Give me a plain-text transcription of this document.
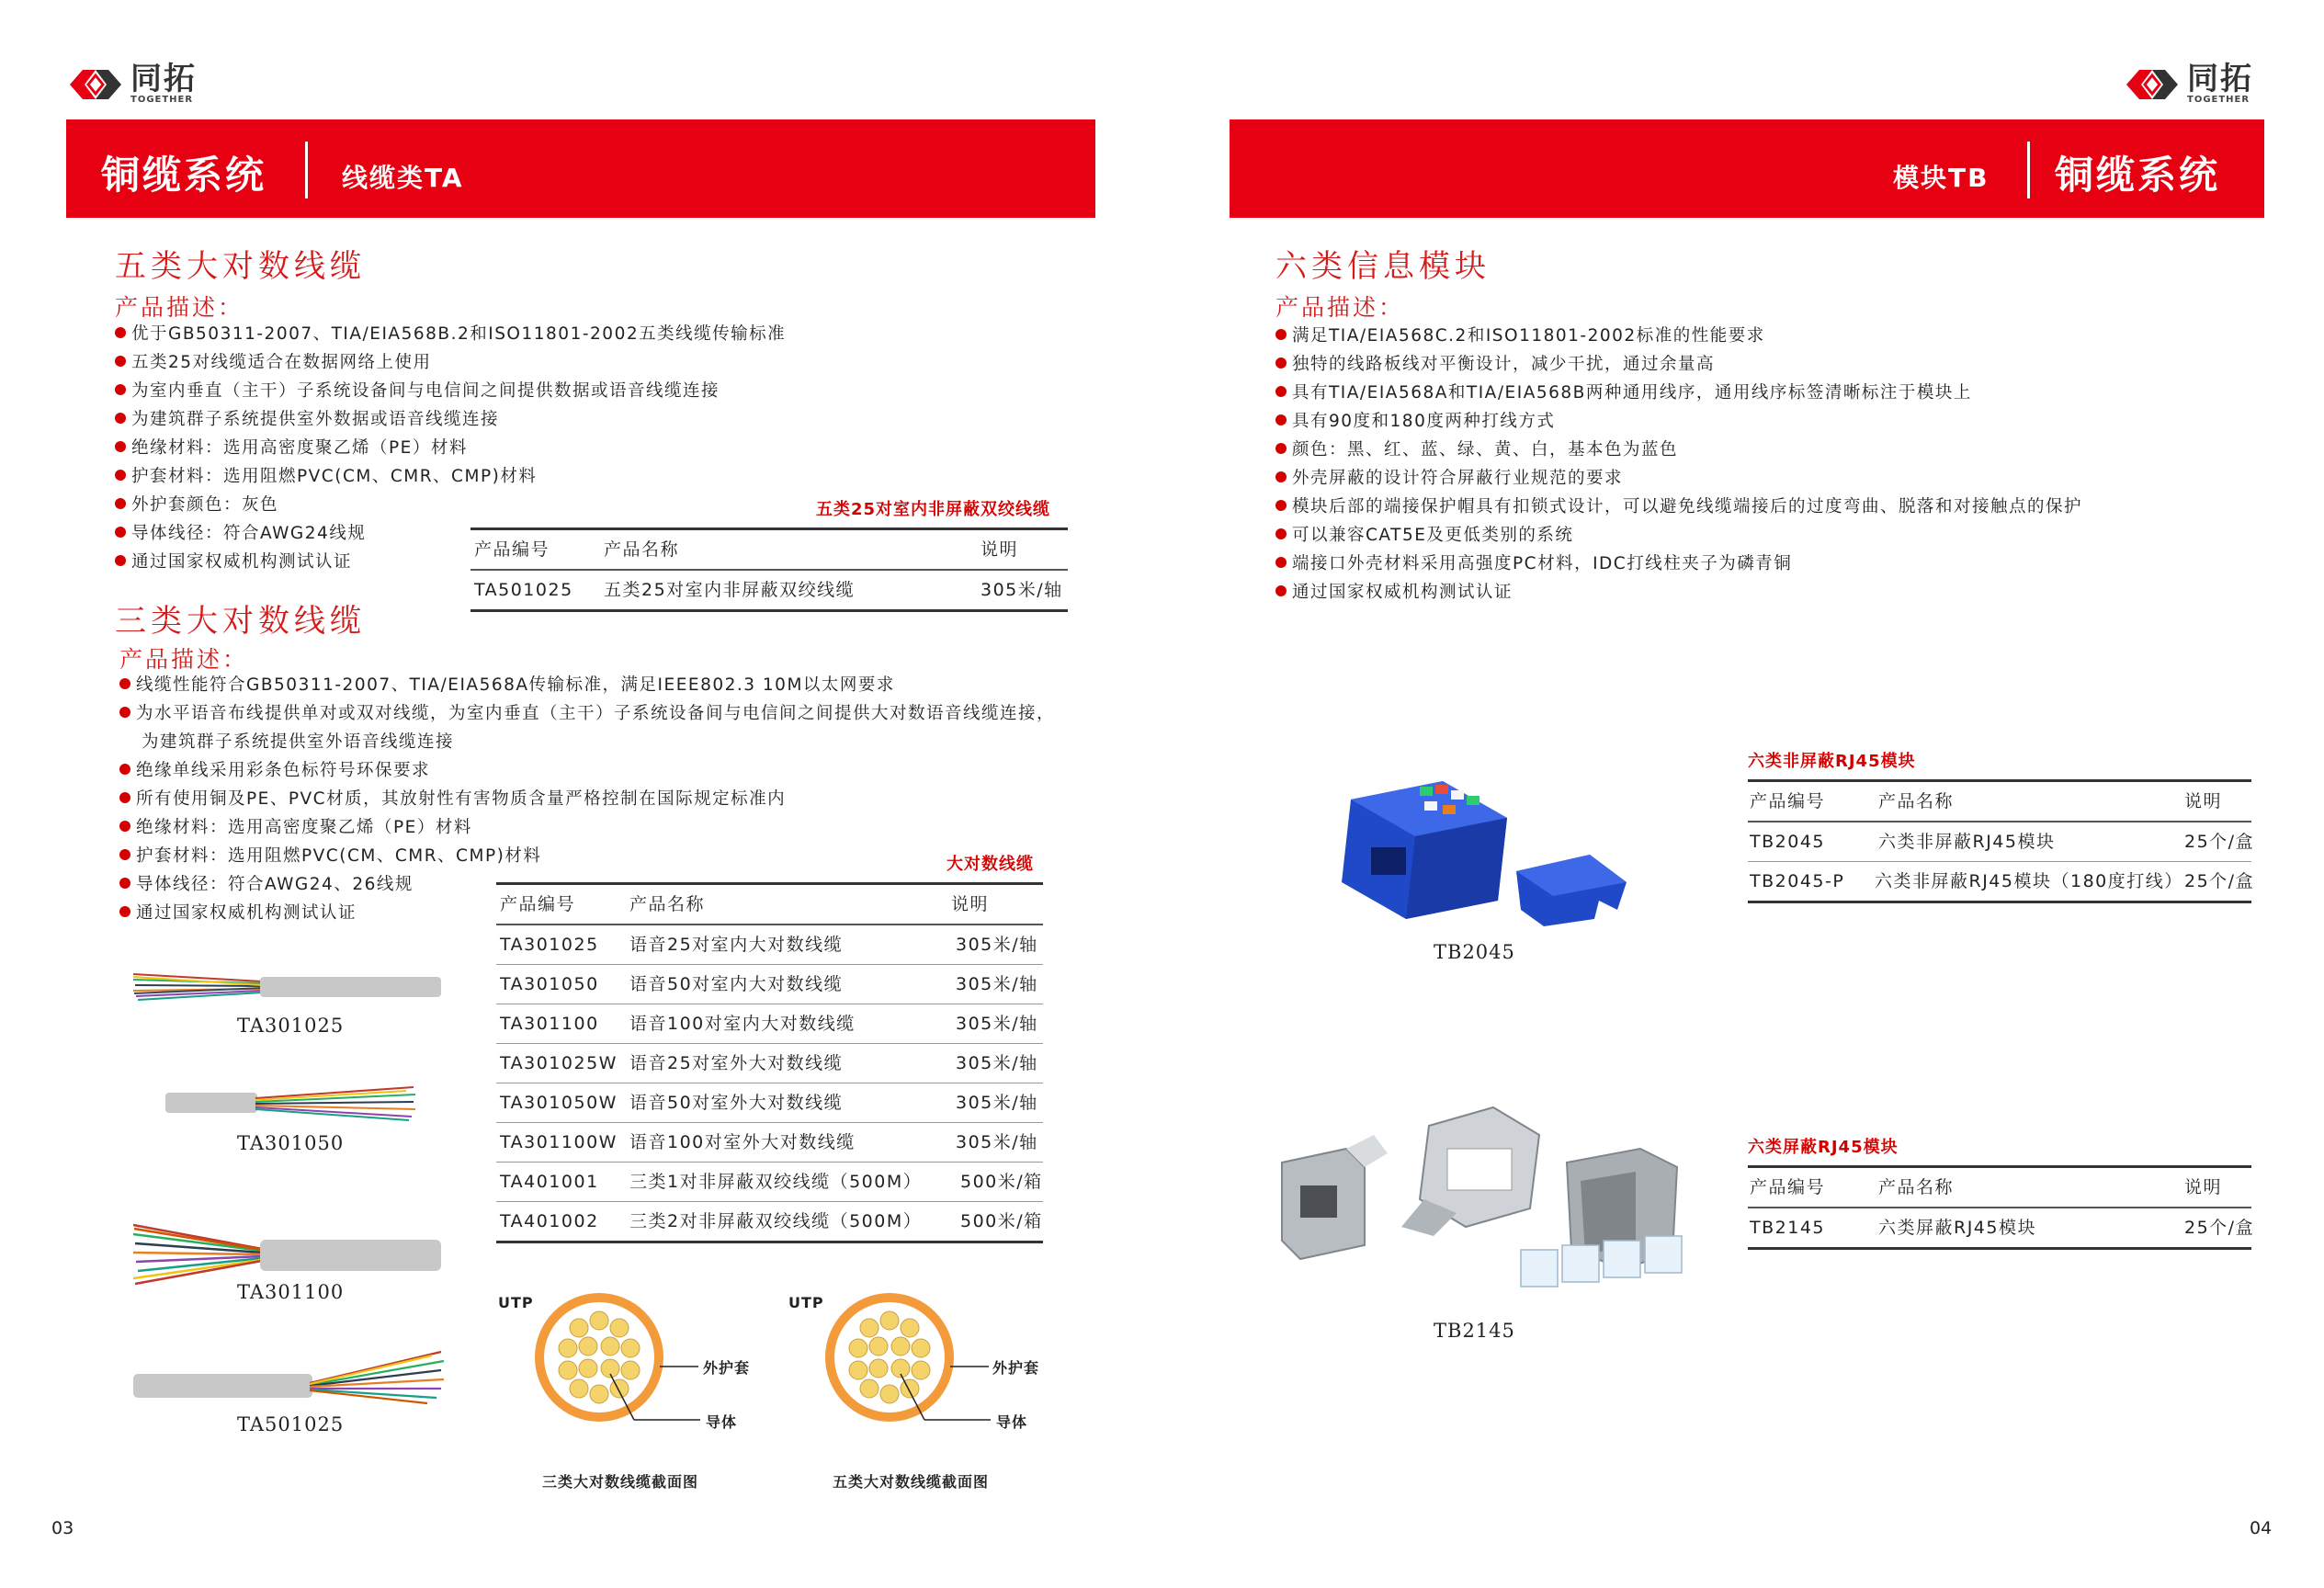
同拓
TOGETHER
铜缆系统	线缆类TA
五类大对数线缆
产品描述：
优于GB50311-2007、TIA/EIA568B.2和ISO11801-2002五类线缆传输标准
五类25对线缆适合在数据网络上使用
为室内垂直（主干）子系统设备间与电信间之间提供数据或语音线缆连接
为建筑群子系统提供室外数据或语音线缆连接
绝缘材料：选用高密度聚乙烯（PE）材料
护套材料：选用阻燃PVC(CM、CMR、CMP)材料
外护套颜色：灰色
导体线径：符合AWG24线规
通过国家权威机构测试认证
五类25对室内非屏蔽双绞线缆
产品编号	产品名称	说明
TA501025 五类25对室内非屏蔽双绞线缆	305米/轴
三类大对数线缆
产品描述：
线缆性能符合GB50311-2007、TIA/EIA568A传输标准，满足IEEE802.3 10M以太网要求
为水平语音布线提供单对或双对线缆，为室内垂直（主干）子系统设备间与电信间之间提供大对数语音线缆连接，
为建筑群子系统提供室外语音线缆连接
绝缘单线采用彩条色标符号环保要求
所有使用铜及PE、PVC材质，其放射性有害物质含量严格控制在国际规定标准内
绝缘材料：选用高密度聚乙烯（PE）材料
护套材料：选用阻燃PVC(CM、CMR、CMP)材料
导体线径：符合AWG24、26线规
通过国家权威机构测试认证
大对数线缆
产品编号	产品名称	说明
TA301025 语音25对室内大对数线缆	305米/轴
TA301050 语音50对室内大对数线缆	305米/轴
TA301100 语音100对室内大对数线缆	305米/轴
TA301025W 语音25对室外大对数线缆	305米/轴
TA301050W 语音50对室外大对数线缆	305米/轴
TA301100W 语音100对室外大对数线缆	305米/轴
TA401001 三类1对非屏蔽双绞线缆（500M） 500米/箱
TA401002 三类2对非屏蔽双绞线缆（500M） 500米/箱
TA301025
TA301050
TA301100
TA501025
UTP
外护套
导体
三类大对数线缆截面图
UTP
外护套
导体
五类大对数线缆截面图
03
同拓
TOGETHER
模块TB 铜缆系统
六类信息模块
产品描述：
满足TIA/EIA568C.2和ISO11801-2002标准的性能要求
独特的线路板线对平衡设计，减少干扰，通过余量高
具有TIA/EIA568A和TIA/EIA568B两种通用线序，通用线序标签清晰标注于模块上
具有90度和180度两种打线方式
颜色：黑、红、蓝、绿、黄、白，基本色为蓝色
外壳屏蔽的设计符合屏蔽行业规范的要求
模块后部的端接保护帽具有扣锁式设计，可以避免线缆端接后的过度弯曲、脱落和对接触点的保护
可以兼容CAT5E及更低类别的系统
端接口外壳材料采用高强度PC材料，IDC打线柱夹子为磷青铜
通过国家权威机构测试认证
TB2045
TB2145
六类非屏蔽RJ45模块
产品编号	产品名称	说明
TB2045	六类非屏蔽RJ45模块	25个/盒
TB2045-P 六类非屏蔽RJ45模块（180度打线） 25个/盒
六类屏蔽RJ45模块
产品编号	产品名称	说明
TB2145	六类屏蔽RJ45模块	25个/盒
04
